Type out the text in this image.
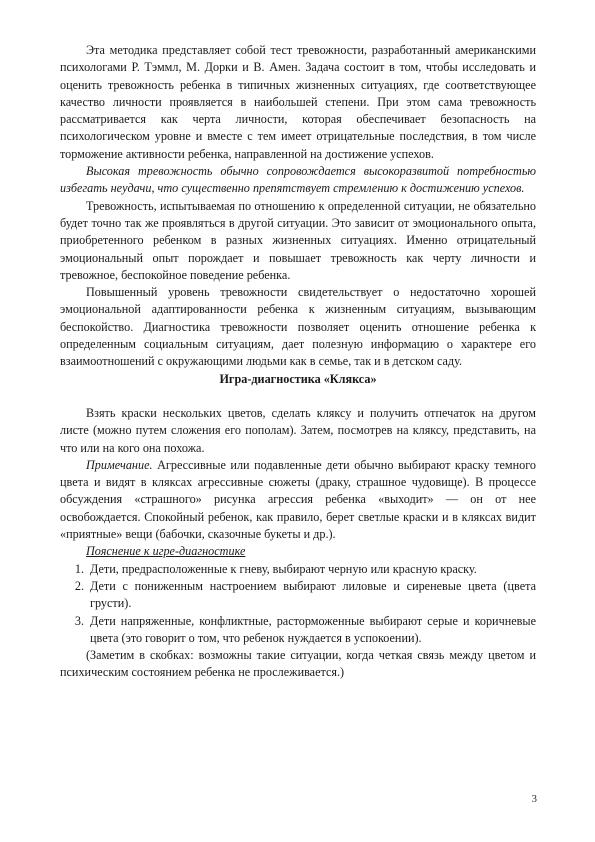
Эта методика представляет собой тест тревожности, разработанный американскими психологами Р. Тэммл, М. Дорки и В. Амен. Задача состоит в том, чтобы исследовать и оценить тревожность ребенка в типичных жизненных ситуациях, где соответствующее качество личности проявляется в наибольшей степени. При этом сама тревожность рассматривается как черта личности, которая обеспечивает безопасность на психологическом уровне и вместе с тем имеет отрицательные последствия, в том числе торможение активности ребенка, направленной на достижение успехов.

Высокая тревожность обычно сопровождается высокоразвитой потребностью избегать неудачи, что существенно препятствует стремлению к достижению успехов.

Тревожность, испытываемая по отношению к определенной ситуации, не обязательно будет точно так же проявляться в другой ситуации. Это зависит от эмоционального опыта, приобретенного ребенком в разных жизненных ситуациях. Именно отрицательный эмоциональный опыт порождает и повышает тревожность как черту личности и тревожное, беспокойное поведение ребенка.

Повышенный уровень тревожности свидетельствует о недостаточно хорошей эмоциональной адаптированности ребенка к жизненным ситуациям, вызывающим беспокойство. Диагностика тревожности позволяет оценить отношение ребенка к определенным социальным ситуациям, дает полезную информацию о характере его взаимоотношений с окружающими людьми как в семье, так и в детском саду.

Игра-диагностика «Клякса»

Взять краски нескольких цветов, сделать кляксу и получить отпечаток на другом листе (можно путем сложения его пополам). Затем, посмотрев на кляксу, представить, на что или на кого она похожа.

Примечание. Агрессивные или подавленные дети обычно выбирают краску темного цвета и видят в кляксах агрессивные сюжеты (драку, страшное чудовище). В процессе обсуждения «страшного» рисунка агрессия ребенка «выходит» — он от нее освобождается. Спокойный ребенок, как правило, берет светлые краски и в кляксах видит «приятные» вещи (бабочки, сказочные букеты и др.).

Пояснение к игре-диагностике

1. Дети, предрасположенные к гневу, выбирают черную или красную краску.
2. Дети с пониженным настроением выбирают лиловые и сиреневые цвета (цвета грусти).
3. Дети напряженные, конфликтные, расторможенные выбирают серые и коричневые цвета (это говорит о том, что ребенок нуждается в успокоении).

(Заметим в скобках: возможны такие ситуации, когда четкая связь между цветом и психическим состоянием ребенка не прослеживается.)

3
